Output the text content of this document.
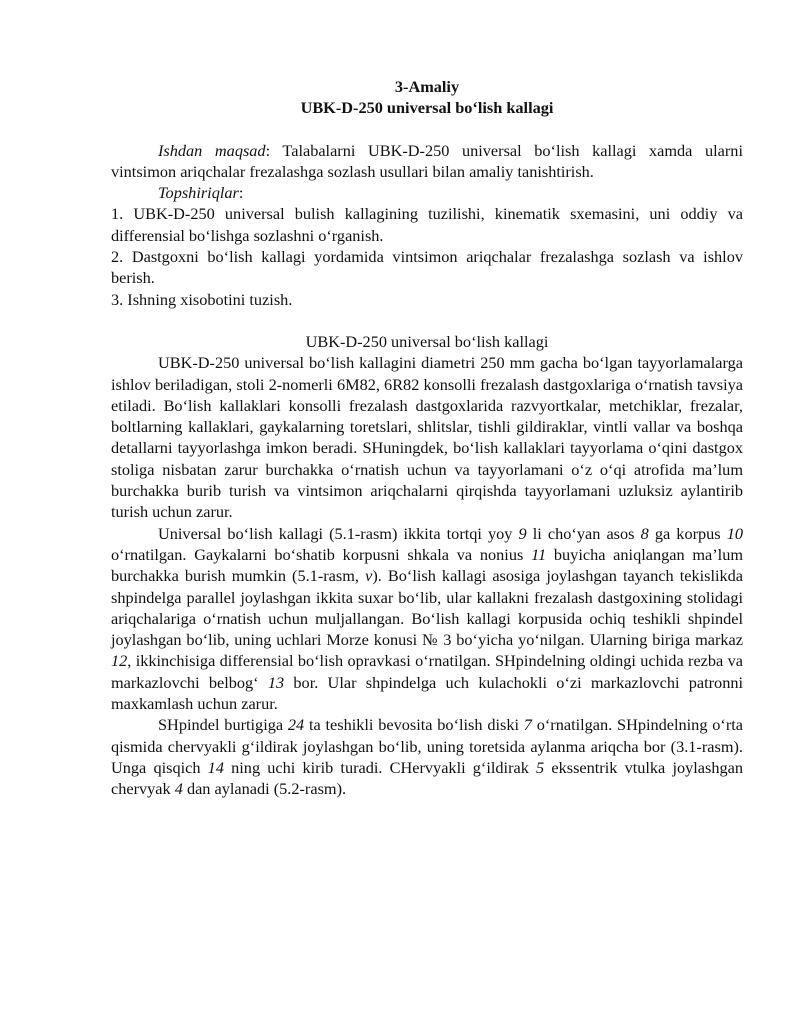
3-Amaliy

UBK-D-250 universal bo‘lish kallagi

Ishdan maqsad: Talabalarni UBK-D-250 universal bo‘lish kallagi xamda ularni vintsimon ariqchalar frezalashga sozlash usullari bilan amaliy tanishtirish.

Topshiriqlar:

1. UBK-D-250 universal bulish kallagining tuzilishi, kinematik sxemasini, uni oddiy va differensial bo‘lishga sozlashni o‘rganish.

2. Dastgoxni bo‘lish kallagi yordamida vintsimon ariqchalar frezalashga sozlash va ishlov berish.

3. Ishning xisobotini tuzish.

UBK-D-250 universal bo‘lish kallagi

UBK-D-250 universal bo‘lish kallagini diametri 250 mm gacha bo‘lgan tayyorlamalarga ishlov beriladigan, stoli 2-nomerli 6M82, 6R82 konsolli frezalash dastgoxlariga o‘rnatish tavsiya etiladi. Bo‘lish kallaklari konsolli frezalash dastgoxlarida razvyortkalar, metchiklar, frezalar, boltlarning kallaklari, gaykalarning toretslari, shlitslar, tishli gildiraklar, vintli vallar va boshqa detallarni tayyorlashga imkon beradi. SHuningdek, bo‘lish kallaklari tayyorlama o‘qini dastgox stoliga nisbatan zarur burchakka o‘rnatish uchun va tayyorlamani o‘z o‘qi atrofida ma’lum burchakka burib turish va vintsimon ariqchalarni qirqishda tayyorlamani uzluksiz aylantirib turish uchun zarur.

Universal bo‘lish kallagi (5.1-rasm) ikkita tortqi yoy 9 li cho‘yan asos 8 ga korpus 10 o‘rnatilgan. Gaykalarni bo‘shatib korpusni shkala va nonius 11 buyicha aniqlangan ma’lum burchakka burish mumkin (5.1-rasm, v). Bo‘lish kallagi asosiga joylashgan tayanch tekislikda shpindelga parallel joylashgan ikkita suxar bo‘lib, ular kallakni frezalash dastgoxining stolidagi ariqchalariga o‘rnatish uchun muljallangan. Bo‘lish kallagi korpusida ochiq teshikli shpindel joylashgan bo‘lib, uning uchlari Morze konusi № 3 bo‘yicha yo‘nilgan. Ularning biriga markaz 12, ikkinchisiga differensial bo‘lish opravkasi o‘rnatilgan. SHpindelning oldingi uchida rezba va markazlovchi belbog‘ 13 bor. Ular shpindelga uch kulachokli o‘zi markazlovchi patronni maxkamlash uchun zarur.

SHpindel burtigiga 24 ta teshikli bevosita bo‘lish diski 7 o‘rnatilgan. SHpindelning o‘rta qismida chervyakli g‘ildirak joylashgan bo‘lib, uning toretsida aylanma ariqcha bor (3.1-rasm). Unga qisqich 14 ning uchi kirib turadi. CHervyakli g‘ildirak 5 ekssentrik vtulka joylashgan chervyak 4 dan aylanadi (5.2-rasm).
